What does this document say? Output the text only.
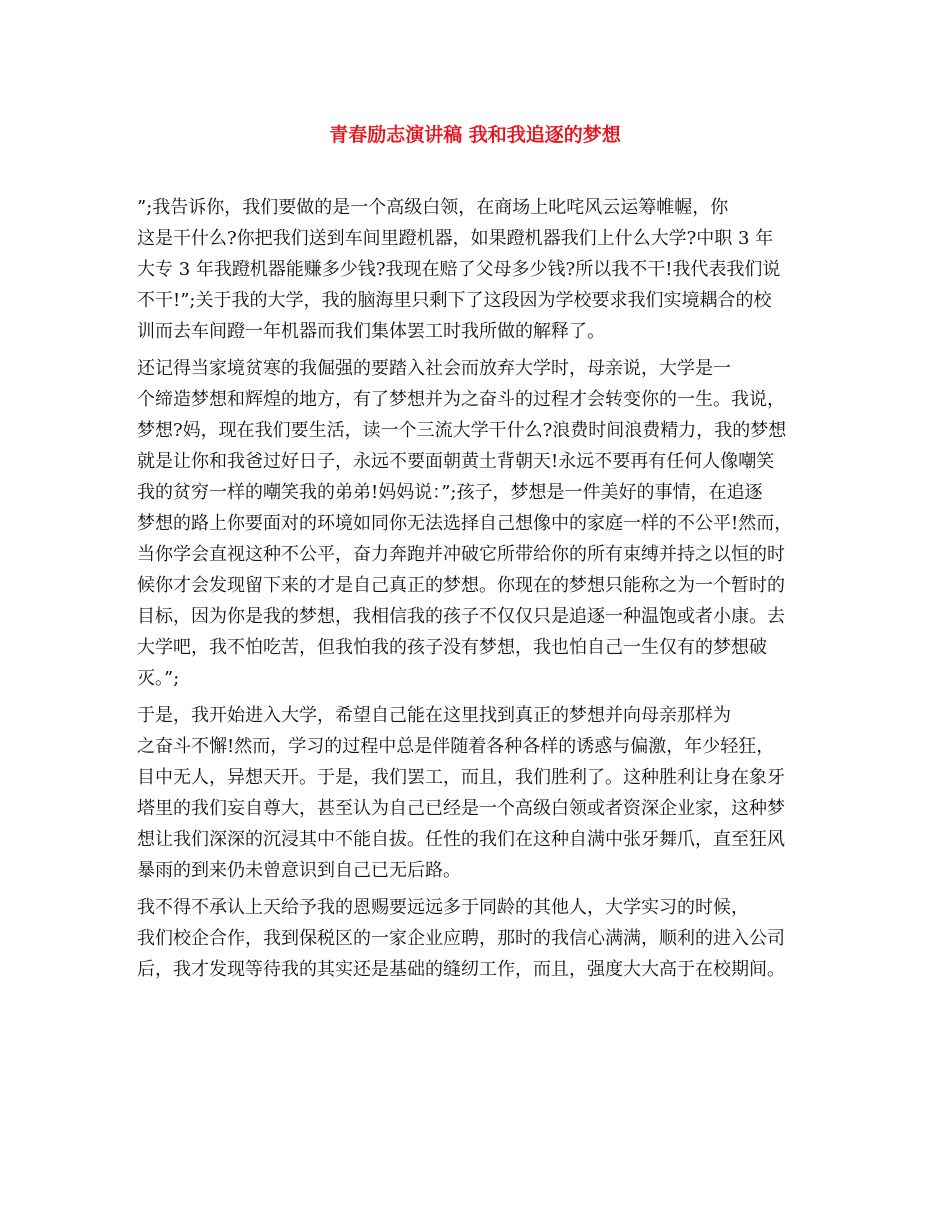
青春励志演讲稿 我和我追逐的梦想
”;我告诉你，我们要做的是一个高级白领，在商场上叱咤风云运筹帷幄，你
这是干什么?你把我们送到车间里蹬机器，如果蹬机器我们上什么大学?中职 3 年
大专 3 年我蹬机器能赚多少钱?我现在赔了父母多少钱?所以我不干!我代表我们说
不干!”;关于我的大学，我的脑海里只剩下了这段因为学校要求我们实境耦合的校
训而去车间蹬一年机器而我们集体罢工时我所做的解释了。
还记得当家境贫寒的我倔强的要踏入社会而放弃大学时，母亲说，大学是一
个缔造梦想和辉煌的地方，有了梦想并为之奋斗的过程才会转变你的一生。我说，
梦想?妈，现在我们要生活，读一个三流大学干什么?浪费时间浪费精力，我的梦想
就是让你和我爸过好日子，永远不要面朝黄土背朝天!永远不要再有任何人像嘲笑
我的贫穷一样的嘲笑我的弟弟!妈妈说：”;孩子，梦想是一件美好的事情，在追逐
梦想的路上你要面对的环境如同你无法选择自己想像中的家庭一样的不公平!然而，
当你学会直视这种不公平，奋力奔跑并冲破它所带给你的所有束缚并持之以恒的时
候你才会发现留下来的才是自己真正的梦想。你现在的梦想只能称之为一个暂时的
目标，因为你是我的梦想，我相信我的孩子不仅仅只是追逐一种温饱或者小康。去
大学吧，我不怕吃苦，但我怕我的孩子没有梦想，我也怕自己一生仅有的梦想破
灭。”;
于是，我开始进入大学，希望自己能在这里找到真正的梦想并向母亲那样为
之奋斗不懈!然而，学习的过程中总是伴随着各种各样的诱惑与偏激，年少轻狂，
目中无人，异想天开。于是，我们罢工，而且，我们胜利了。这种胜利让身在象牙
塔里的我们妄自尊大，甚至认为自己已经是一个高级白领或者资深企业家，这种梦
想让我们深深的沉浸其中不能自拔。任性的我们在这种自满中张牙舞爪，直至狂风
暴雨的到来仍未曾意识到自己已无后路。
我不得不承认上天给予我的恩赐要远远多于同龄的其他人，大学实习的时候，
我们校企合作，我到保税区的一家企业应聘，那时的我信心满满，顺利的进入公司
后，我才发现等待我的其实还是基础的缝纫工作，而且，强度大大高于在校期间。
